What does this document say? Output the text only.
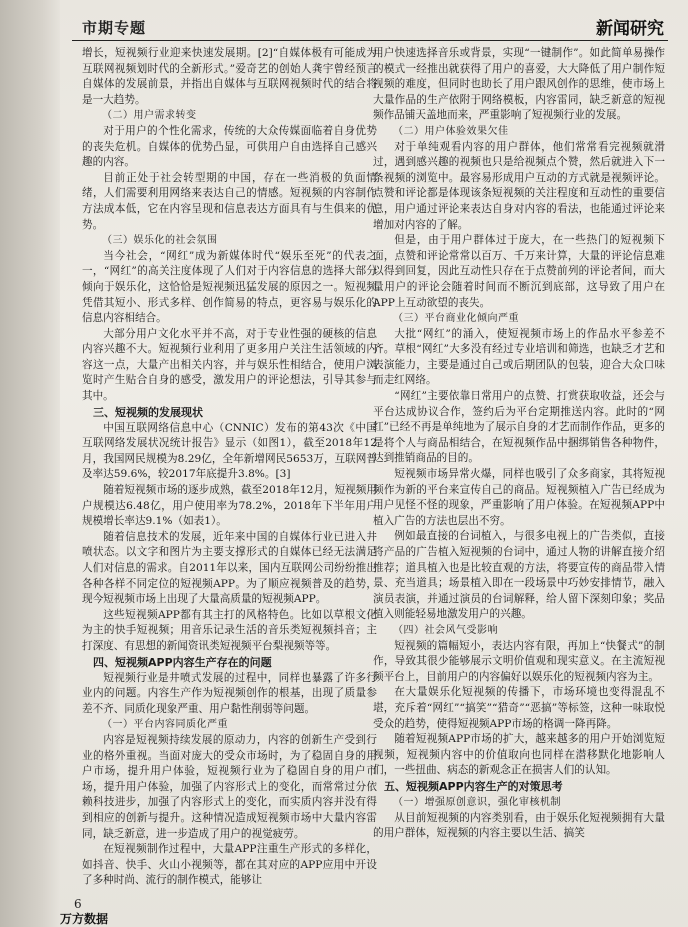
市期专题	新闻研究

增长，短视频行业迎来快速发展期。[2]“自媒体极有可能成为互联网视频划时代的全新形式。”爱奇艺的创始人龚宇曾经预言自媒体的发展前景，并指出自媒体与互联网视频时代的结合将是一大趋势。

（二）用户需求转变

对于用户的个性化需求，传统的大众传媒面临着自身优势的丧失危机。自媒体的优势凸显，可供用户自由选择自己感兴趣的内容。

目前正处于社会转型期的中国，存在一些消极的负面情绪，人们需要利用网络来表达自己的情感。短视频的内容制作方法成本低，它在内容呈现和信息表达方面具有与生俱来的优势。

（三）娱乐化的社会氛围

当今社会，“网红”成为新媒体时代“娱乐至死”的代表之一，“网红”的高关注度体现了人们对于内容信息的选择大部分倾向于娱乐化，这恰恰是短视频迅猛发展的原因之一。短视频凭借其短小、形式多样、创作简易的特点，更容易与娱乐化的信息内容相结合。

大部分用户文化水平并不高，对于专业性强的硬核的信息内容兴趣不大。短视频行业利用了更多用户关注生活领域的内容这一点，大量产出相关内容，并与娱乐性相结合，使用户浏览时产生贴合自身的感受，激发用户的评论想法，引导其参与其中。

三、短视频的发展现状

中国互联网络信息中心（CNNIC）发布的第43次《中国互联网络发展状况统计报告》显示（如图1），截至2018年12月，我国网民规模为8.29亿，全年新增网民5653万，互联网普及率达59.6%，较2017年底提升3.8%。[3]

随着短视频市场的逐步成熟，截至2018年12月，短视频用户规模达6.48亿，用户使用率为78.2%，2018年下半年用户规模增长率达9.1%（如表1）。

随着信息技术的发展，近年来中国的自媒体行业已进入井喷状态。以文字和图片为主要支撑形式的自媒体已经无法满足人们对信息的需求。自2011年以来，国内互联网公司纷纷推出各种各样不同定位的短视频APP。为了顺应视频普及的趋势，现今短视频市场上出现了大量高质量的短视频APP。

这些短视频APP都有其主打的风格特色。比如以草根文化为主的快手短视频；用音乐记录生活的音乐类短视频抖音；主打深度、有思想的新闻资讯类短视频平台梨视频等等。

四、短视频APP内容生产存在的问题

短视频行业是井喷式发展的过程中，同样也暴露了许多行业内的问题。内容生产作为短视频创作的根基，出现了质量参差不齐、同质化现象严重、用户黏性削弱等问题。

（一）平台内容同质化严重

内容是短视频持续发展的原动力，内容的创新生产受到行业的格外重视。当面对庞大的受众市场时，为了稳固自身的用户市场，提升用户体验，短视频行业为了稳固自身的用户市场，提升用户体验，加强了内容形式上的变化，而常常过分依赖科技进步，加强了内容形式上的变化，而实质内容并没有得到相应的创新与提升。这种情况造成短视频市场中大量内容雷同，缺乏新意，进一步造成了用户的视觉疲劳。

在短视频制作过程中，大量APP注重生产形式的多样化，如抖音、快手、火山小视频等，都在其对应的APP应用中开设了多种时尚、流行的制作模式，能够让

用户快速选择音乐或背景，实现“一键制作”。如此简单易操作的模式一经推出就获得了用户的喜爱，大大降低了用户制作短视频的难度，但同时也助长了用户跟风创作的思维，使市场上大量作品的生产依附于网络模板，内容雷同，缺乏新意的短视频作品铺天盖地而来，严重影响了短视频行业的发展。

（二）用户体验效果欠佳

对于单纯观看内容的用户群体，他们常常看完视频就滑过，遇到感兴趣的视频也只是给视频点个赞，然后就进入下一条视频的浏览中。最容易形成用户互动的方式就是视频评论。点赞和评论都是体现该条短视频的关注程度和互动性的重要信息，用户通过评论来表达自身对内容的看法，也能通过评论来增加对内容的了解。

但是，由于用户群体过于庞大，在一些热门的短视频下面，点赞和评论常常以百万、千万来计算，大量的评论信息难以得到回复，因此互动性只存在于点赞前列的评论者间，而大量用户的评论会随着时间而不断沉到底部，这导致了用户在APP上互动欲望的丧失。

（三）平台商业化倾向严重

大批“网红”的涌入，使短视频市场上的作品水平参差不齐。草根“网红”大多没有经过专业培训和筛选，也缺乏才艺和表演能力，主要是通过自己或后期团队的包装，迎合大众口味而走红网络。

“网红”主要依靠日常用户的点赞、打赏获取收益，还会与平台达成协议合作，签约后为平台定期推送内容。此时的“网红”已经不再是单纯地为了展示自身的才艺而制作作品，更多的是将个人与商品相结合，在短视频作品中捆绑销售各种物件，达到推销商品的目的。

短视频市场异常火爆，同样也吸引了众多商家，其将短视频作为新的平台来宣传自己的商品。短视频植入广告已经成为用户见怪不怪的现象，严重影响了用户体验。在短视频APP中植入广告的方法也层出不穷。

例如最直接的台词植入，与很多电视上的广告类似，直接将产品的广告植入短视频的台词中，通过人物的讲解直接介绍推荐；道具植入也是比较直观的方法，将要宣传的商品带入情景、充当道具；场景植入即在一段场景中巧妙安排情节，融入演员表演，并通过演员的台词解释，给人留下深刻印象；奖品植入则能轻易地激发用户的兴趣。

（四）社会风气受影响

短视频的篇幅短小，表达内容有限，再加上“快餐式”的制作，导致其很少能够展示文明价值观和现实意义。在主流短视频平台上，目前用户的内容偏好以娱乐化的短视频内容为主。

在大量娱乐化短视频的传播下，市场环境也变得混乱不堪，充斥着“网红”“搞笑”“猎奇”“恶搞”等标签，这种一味取悦受众的趋势，使得短视频APP市场的格调一降再降。

随着短视频APP市场的扩大，越来越多的用户开始浏览短视频，短视频内容中的价值取向也同样在潜移默化地影响人们，一些扭曲、病态的新观念正在损害人们的认知。

五、短视频APP内容生产的对策思考
（一）增强原创意识，强化审核机制

从目前短视频的内容类别看，由于娱乐化短视频拥有大量的用户群体，短视频的内容主要以生活、搞笑

6
万方数据
